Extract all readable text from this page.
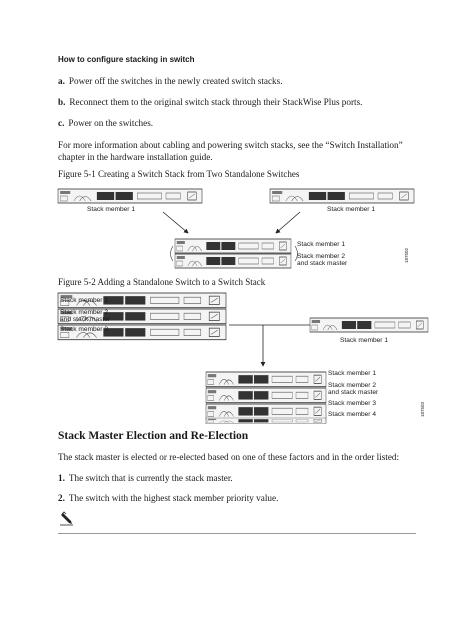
How to configure stacking in switch
a. Power off the switches in the newly created switch stacks.
b. Reconnect them to the original switch stack through their StackWise Plus ports.
c. Power on the switches.
For more information about cabling and powering switch stacks, see the “Switch Installation”
chapter in the hardware installation guide.
Figure 5-1 Creating a Switch Stack from Two Standalone Switches
Stack member 1	Stack member 1
Stack member 1
Stack member 2
and stack master
187502
Figure 5-2 Adding a Standalone Switch to a Switch Stack
Stack member 1
Stack member 2
and stack master
Stack member 3
Stack member 1
Stack member 1
Stack member 2
and stack master
Stack member 3
Stack member 4	187503
Stack Master Election and Re-Election
The stack master is elected or re-elected based on one of these factors and in the order listed:
1. The switch that is currently the stack master.
2. The switch with the highest stack member priority value.
